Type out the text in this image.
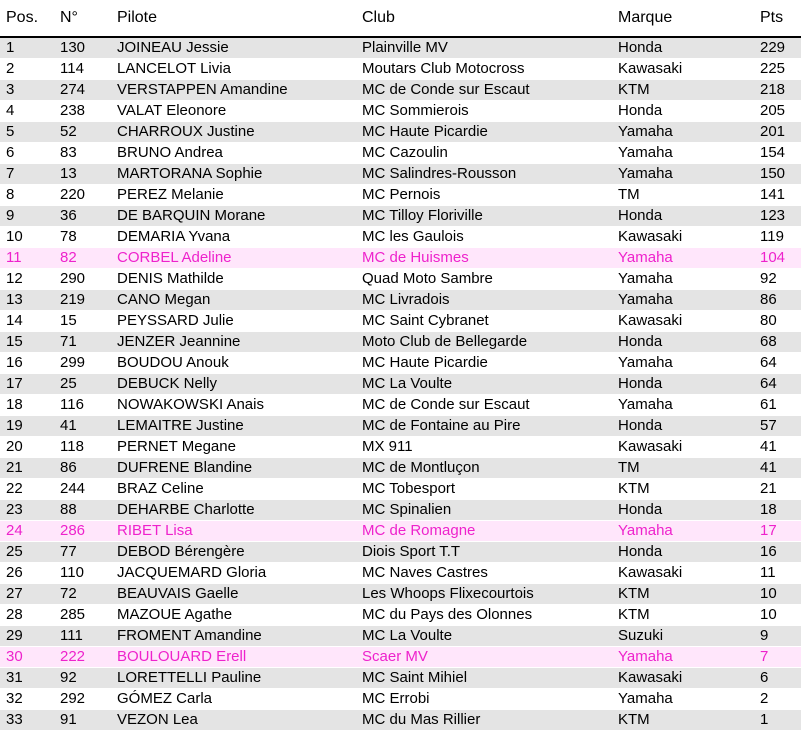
Pos.	N°	Pilote	Club	Marque	Pts
1	130	JOINEAU Jessie	Plainville MV	Honda	229
2	114	LANCELOT Livia	Moutars Club Motocross	Kawasaki	225
3	274	VERSTAPPEN Amandine	MC de Conde sur Escaut	KTM	218
4	238	VALAT Eleonore	MC Sommierois	Honda	205
5	52	CHARROUX Justine	MC Haute Picardie	Yamaha	201
6	83	BRUNO Andrea	MC Cazoulin	Yamaha	154
7	13	MARTORANA Sophie	MC Salindres-Rousson	Yamaha	150
8	220	PEREZ Melanie	MC Pernois	TM	141
9	36	DE BARQUIN Morane	MC Tilloy Floriville	Honda	123
10	78	DEMARIA Yvana	MC les Gaulois	Kawasaki	119
11	82	CORBEL Adeline	MC de Huismes	Yamaha	104
12	290	DENIS Mathilde	Quad Moto Sambre	Yamaha	92
13	219	CANO Megan	MC Livradois	Yamaha	86
14	15	PEYSSARD Julie	MC Saint Cybranet	Kawasaki	80
15	71	JENZER Jeannine	Moto Club de Bellegarde	Honda	68
16	299	BOUDOU Anouk	MC Haute Picardie	Yamaha	64
17	25	DEBUCK Nelly	MC La Voulte	Honda	64
18	116	NOWAKOWSKI Anais	MC de Conde sur Escaut	Yamaha	61
19	41	LEMAITRE Justine	MC de Fontaine au Pire	Honda	57
20	118	PERNET Megane	MX 911	Kawasaki	41
21	86	DUFRENE Blandine	MC de Montluçon	TM	41
22	244	BRAZ Celine	MC Tobesport	KTM	21
23	88	DEHARBE Charlotte	MC Spinalien	Honda	18
24	286	RIBET Lisa	MC de Romagne	Yamaha	17
25	77	DEBOD Bérengère	Diois Sport T.T	Honda	16
26	110	JACQUEMARD Gloria	MC Naves Castres	Kawasaki	11
27	72	BEAUVAIS Gaelle	Les Whoops Flixecourtois	KTM	10
28	285	MAZOUE Agathe	MC du Pays des Olonnes	KTM	10
29	111	FROMENT Amandine	MC La Voulte	Suzuki	9
30	222	BOULOUARD Erell	Scaer MV	Yamaha	7
31	92	LORETTELLI Pauline	MC Saint Mihiel	Kawasaki	6
32	292	GÓMEZ Carla	MC Errobi	Yamaha	2
33	91	VEZON Lea	MC du Mas Rillier	KTM	1
